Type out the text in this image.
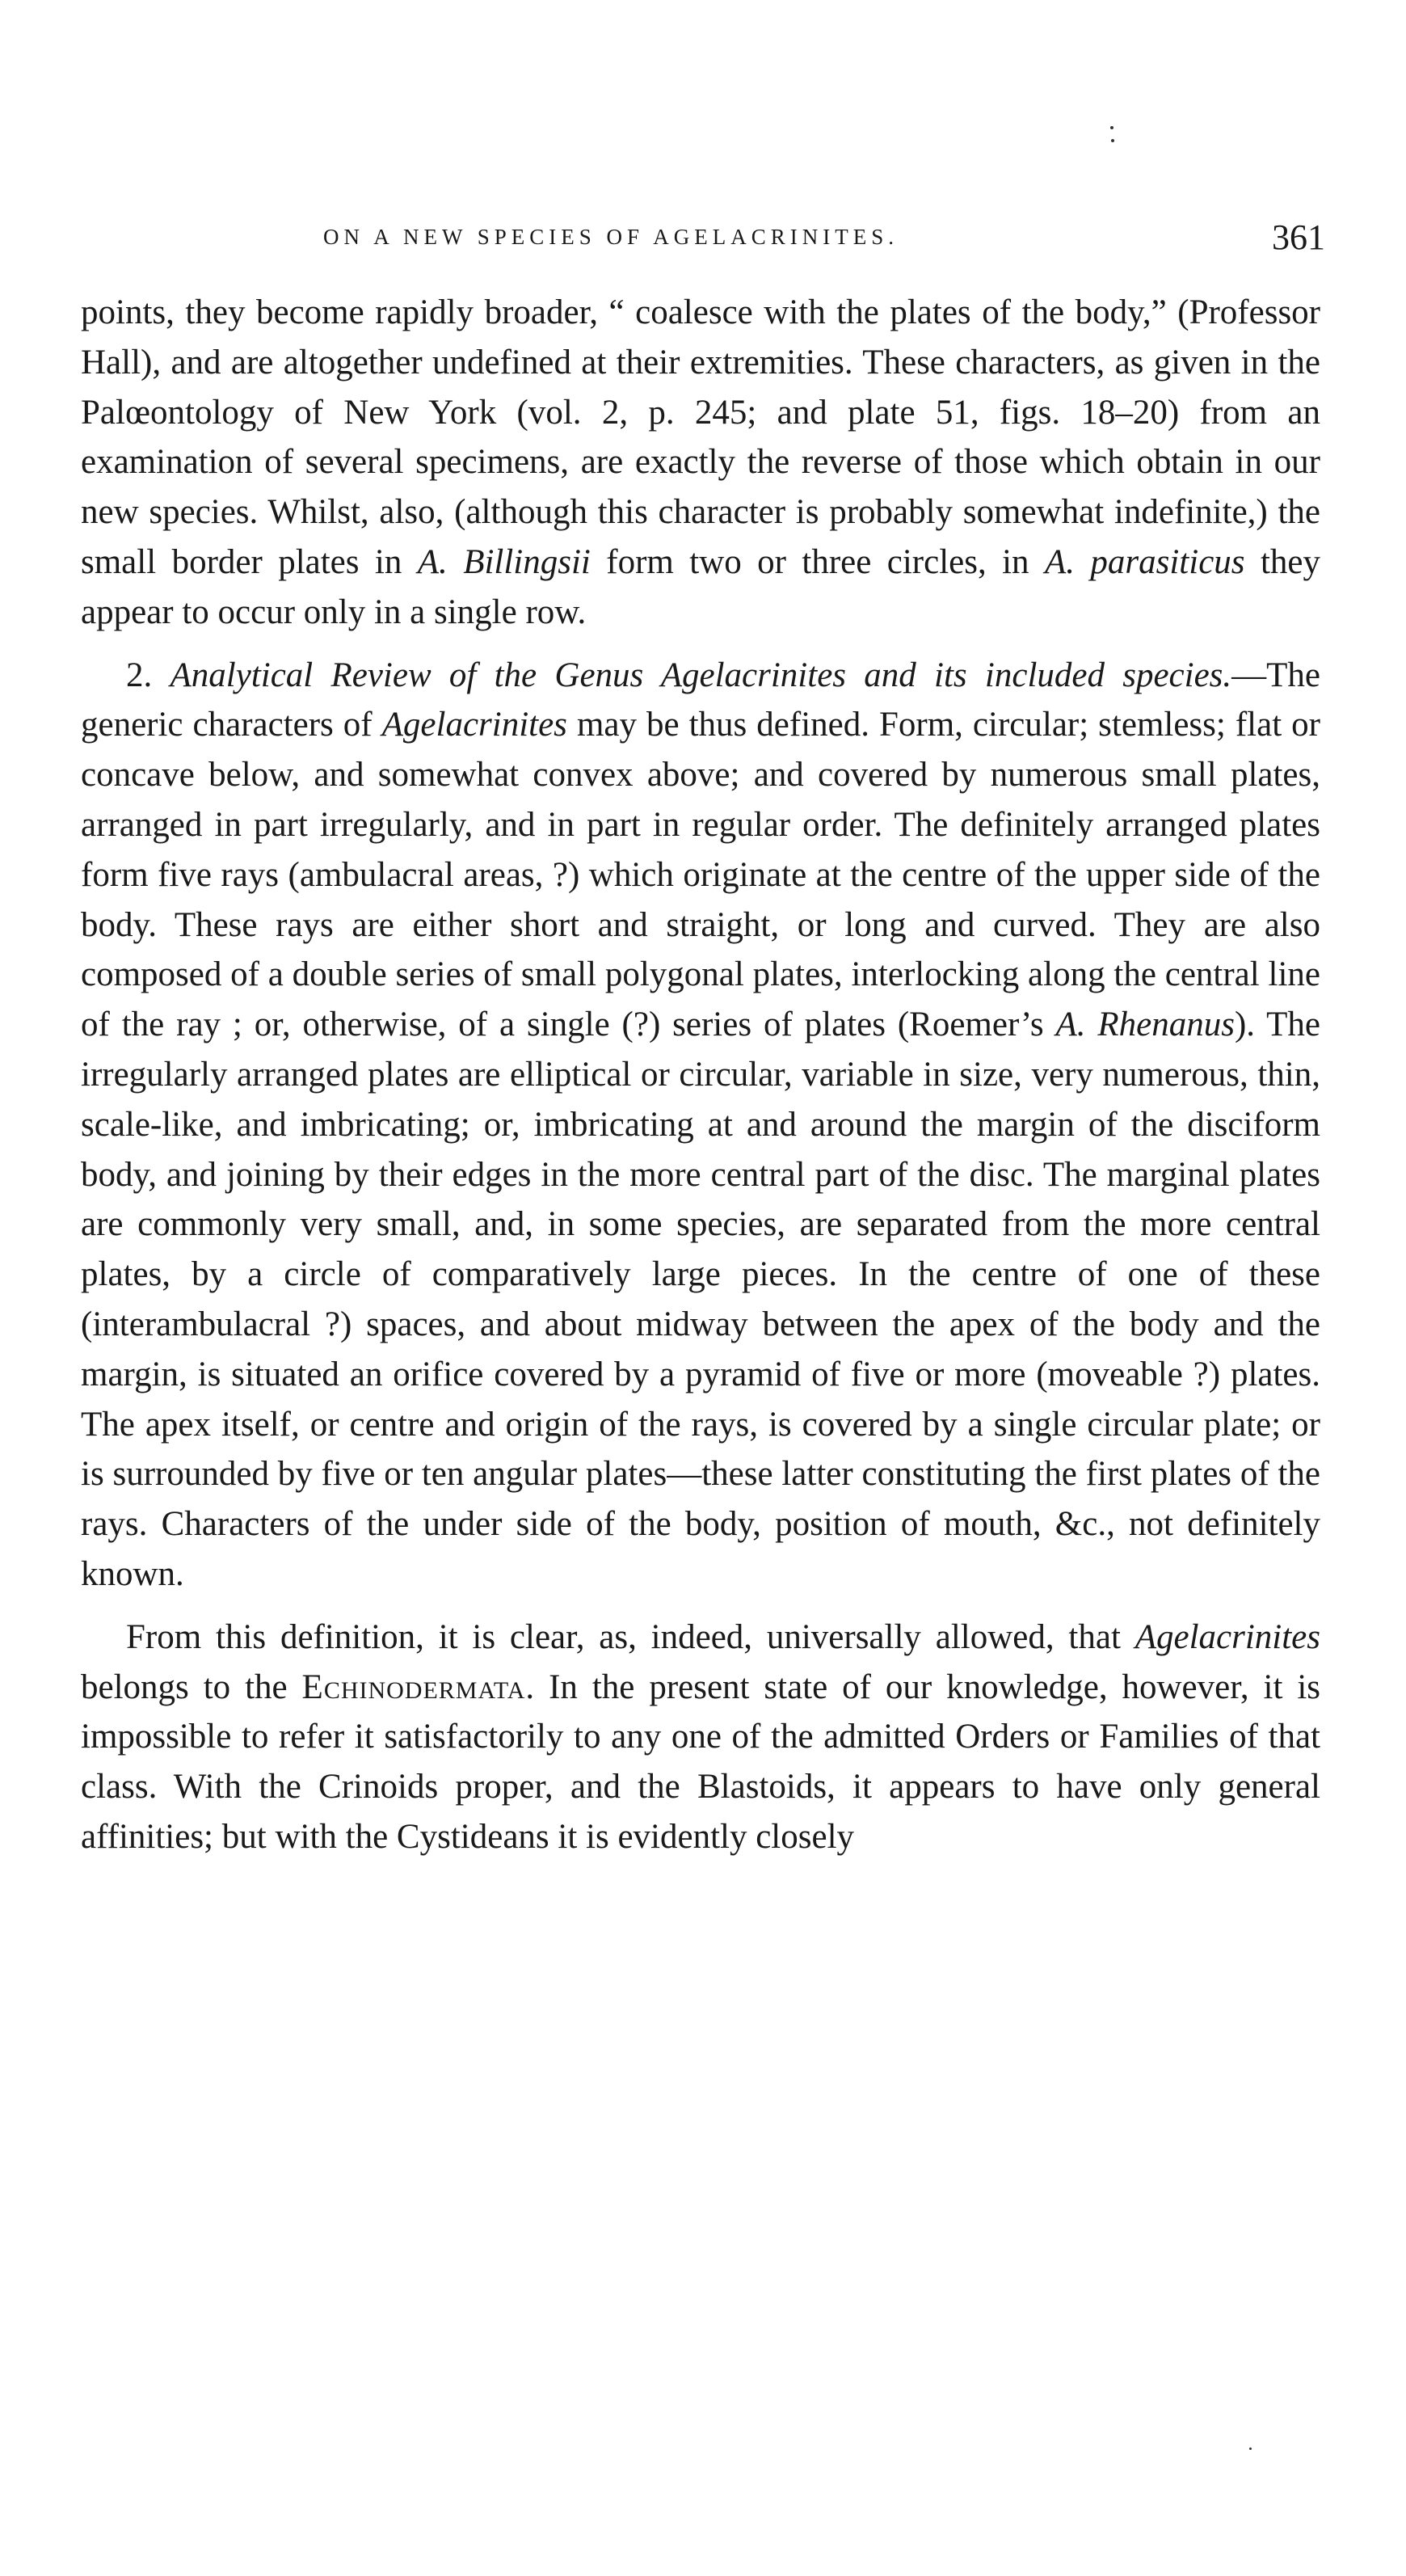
ON A NEW SPECIES OF AGELACRINITES.	361

points, they become rapidly broader, “ coalesce with the plates of the body,” (Professor Hall), and are altogether undefined at their extremities. These characters, as given in the Palœontology of New York (vol. 2, p. 245; and plate 51, figs. 18–20) from an examination of several specimens, are exactly the reverse of those which obtain in our new species. Whilst, also, (although this character is probably somewhat indefinite,) the small border plates in A. Billingsii form two or three circles, in A. parasiticus they appear to occur only in a single row.

2. Analytical Review of the Genus Agelacrinites and its included species.—The generic characters of Agelacrinites may be thus defined. Form, circular; stemless; flat or concave below, and somewhat convex above; and covered by numerous small plates, arranged in part irregularly, and in part in regular order. The definitely arranged plates form five rays (ambulacral areas, ?) which originate at the centre of the upper side of the body. These rays are either short and straight, or long and curved. They are also composed of a double series of small polygonal plates, interlocking along the central line of the ray ; or, otherwise, of a single (?) series of plates (Roemer’s A. Rhenanus). The irregularly arranged plates are elliptical or circular, variable in size, very numerous, thin, scale-like, and imbricating; or, imbricating at and around the margin of the disciform body, and joining by their edges in the more central part of the disc. The marginal plates are commonly very small, and, in some species, are separated from the more central plates, by a circle of comparatively large pieces. In the centre of one of these (interambulacral ?) spaces, and about midway between the apex of the body and the margin, is situated an orifice covered by a pyramid of five or more (moveable ?) plates. The apex itself, or centre and origin of the rays, is covered by a single circular plate; or is surrounded by five or ten angular plates—these latter constituting the first plates of the rays. Characters of the under side of the body, position of mouth, &c., not definitely known.

From this definition, it is clear, as, indeed, universally allowed, that Agelacrinites belongs to the Echinodermata. In the present state of our knowledge, however, it is impossible to refer it satisfactorily to any one of the admitted Orders or Families of that class. With the Crinoids proper, and the Blastoids, it appears to have only general affinities; but with the Cystideans it is evidently closely
